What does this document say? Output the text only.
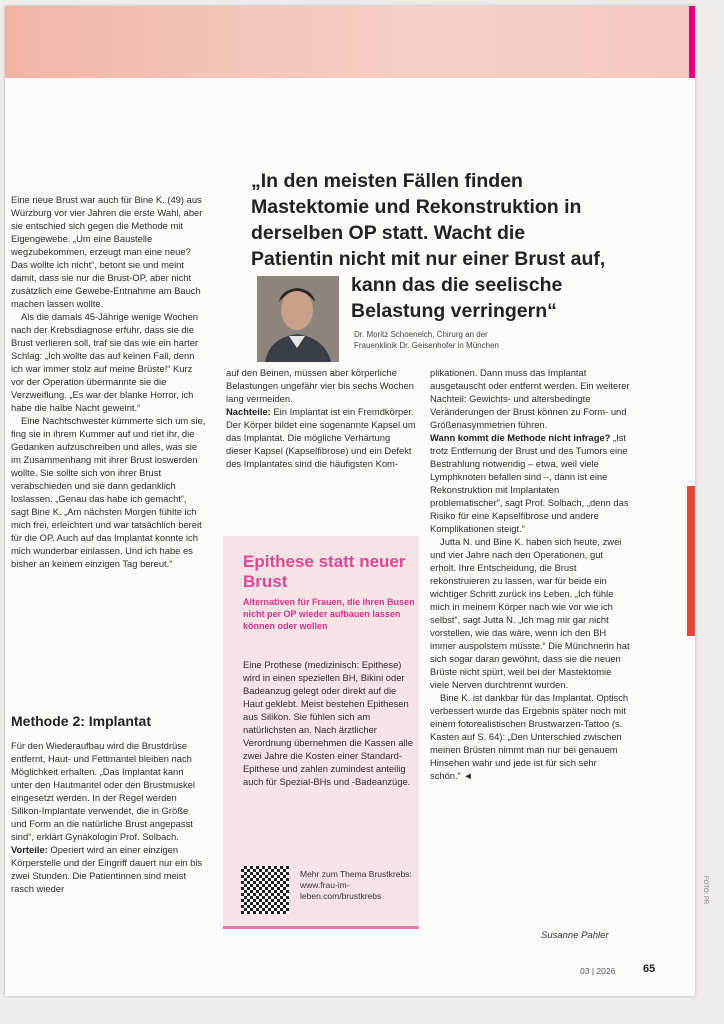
FOTO: PR
„In den meisten Fällen finden
Mastektomie und Rekonstruktion in
derselben OP statt. Wacht die
Patientin nicht mit nur einer Brust auf,
kann das die seelische
Belastung verringern“
Dr. Moritz Schoeneich, Chirurg an der
Frauenklinik Dr. Geisenhofer in München

Eine neue Brust war auch für Bine K. (49) aus Würzburg vor vier Jahren die erste Wahl, aber sie entschied sich gegen die Methode mit Eigengewebe. „Um eine Baustelle wegzubekommen, erzeugt man eine neue? Das wollte ich nicht“, betont sie und meint damit, dass sie nur die Brust-OP, aber nicht zusätzlich eine Gewebe-Entnahme am Bauch machen lassen wollte.

Als die damals 45-Jährige wenige Wochen nach der Krebsdiagnose erfuhr, dass sie die Brust verlieren soll, traf sie das wie ein harter Schlag: „Ich wollte das auf keinen Fall, denn ich war immer stolz auf meine Brüste!“ Kurz vor der Operation übermannte sie die Verzweiflung. „Es war der blanke Horror, ich habe die halbe Nacht geweint.“

Eine Nachtschwester kümmerte sich um sie, fing sie in ihrem Kummer auf und riet ihr, die Gedanken aufzuschreiben und alles, was sie im Zusammenhang mit ihrer Brust loswerden wollte. Sie sollte sich von ihrer Brust verabschieden und sie dann gedanklich loslassen. „Genau das habe ich gemacht“, sagt Bine K. „Am nächsten Morgen fühlte ich mich frei, erleichtert und war tatsächlich bereit für die OP. Auch auf das Implantat konnte ich mich wunderbar einlassen. Und ich habe es bisher an keinem einzigen Tag bereut.“

Methode 2: Implantat

Für den Wiederaufbau wird die Brustdrüse entfernt, Haut- und Fettmantel bleiben nach Möglichkeit erhalten. „Das Implantat kann unter den Hautmantel oder den Brustmuskel eingesetzt werden. In der Regel werden Silikon-Implantate verwendet, die in Größe und Form an die natürliche Brust angepasst sind“, erklärt Gynäkologin Prof. Solbach.

Vorteile: Operiert wird an einer einzigen Körperstelle und der Eingriff dauert nur ein bis zwei Stunden. Die Patientinnen sind meist rasch wieder

auf den Beinen, müssen aber körperliche Belastungen ungefähr vier bis sechs Wochen lang vermeiden.

Nachteile: Ein Implantat ist ein Fremdkörper. Der Körper bildet eine sogenannte Kapsel um das Implantat. Die mögliche Verhärtung dieser Kapsel (Kapselfibrose) und ein Defekt des Implantates sind die häufigsten Kom-
Epithese statt neuer Brust
Alternativen für Frauen, die ihren Busen nicht per OP wieder aufbauen lassen können oder wollen
Eine Prothese (medizinisch: Epithese) wird in einen speziellen BH, Bikini oder Badeanzug gelegt oder direkt auf die Haut geklebt. Meist bestehen Epithesen aus Silikon. Sie fühlen sich am natürlichsten an. Nach ärztlicher Verordnung übernehmen die Kassen alle zwei Jahre die Kosten einer Standard-Epithese und zahlen zumindest anteilig auch für Spezial-BHs und -Badeanzüge.
Mehr zum Thema Brustkrebs:
www.frau-im-leben.com/brustkrebs

plikationen. Dann muss das Implantat ausgetauscht oder entfernt werden. Ein weiterer Nachteil: Gewichts- und altersbedingte Veränderungen der Brust können zu Form- und Größenasymmetrien führen.

Wann kommt die Methode nicht infrage? „Ist trotz Entfernung der Brust und des Tumors eine Bestrahlung notwendig – etwa, weil viele Lymphknoten befallen sind –, dann ist eine Rekonstruktion mit Implantaten problematischer“, sagt Prof. Solbach, „denn das Risiko für eine Kapselfibrose und andere Komplikationen steigt.“

Jutta N. und Bine K. haben sich heute, zwei und vier Jahre nach den Operationen, gut erholt. Ihre Entscheidung, die Brust rekonstruieren zu lassen, war für beide ein wichtiger Schritt zurück ins Leben. „Ich fühle mich in meinem Körper nach wie vor wie ich selbst“, sagt Jutta N. „Ich mag mir gar nicht vorstellen, wie das wäre, wenn ich den BH immer auspolstern müsste.“ Die Münchnerin hat sich sogar daran gewöhnt, dass sie die neuen Brüste nicht spürt, weil bei der Mastektomie viele Nerven durchtrennt wurden.

Bine K. ist dankbar für das Implantat. Optisch verbessert wurde das Ergebnis später noch mit einem fotorealistischen Brustwarzen-Tattoo (s. Kasten auf S. 64): „Den Unterschied zwischen meinen Brüsten nimmt man nur bei genauem Hinsehen wahr und jede ist für sich sehr schön.“ ◄

Susanne Pahler
03 | 2026	65
